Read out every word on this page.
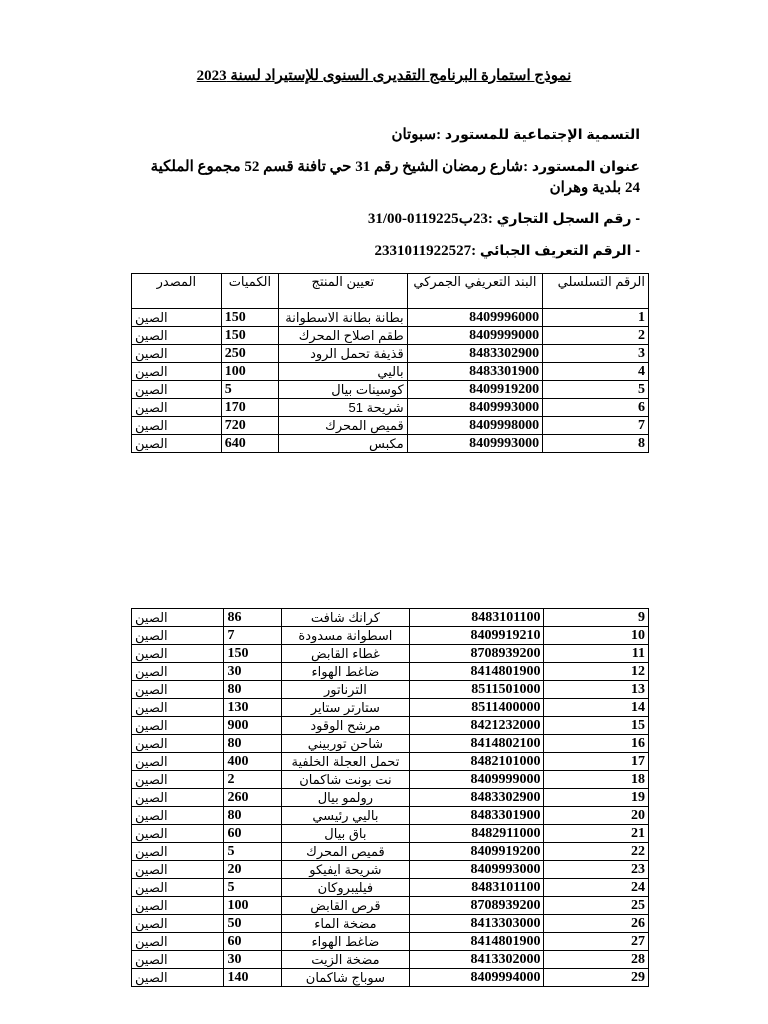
نموذج استمارة البرنامج التقديرى السنوى للإستيراد لسنة 2023
التسمية الإجتماعية للمستورد :سبوتان
عنوان المستورد :شارع رمضان الشيخ رقم 31 حي تافنة قسم 52 مجموع الملكية 24 بلدية وهران
- رقم السجل التجاري :23ب0119225-31/00
- الرقم التعريف الجبائي :2331011922527
الرقم التسلسلي	البند التعريفي الجمركي	تعيين المنتج	الكميات	المصدر
1	8409996000	بطانة بطانة الاسطوانة	150	الصين
2	8409999000	طقم اصلاح المحرك	150	الصين
3	8483302900	قذيفة تحمل الرود	250	الصين
4	8483301900	باليي	100	الصين
5	8409919200	كوسينات بيال	5	الصين
6	8409993000	شريحة 51	170	الصين
7	8409998000	قميص المحرك	720	الصين
8	8409993000	مكبس	640	الصين
9	8483101100	كرانك شافت	86	الصين
10	8409919210	اسطوانة مسدودة	7	الصين
11	8708939200	غطاء القابض	150	الصين
12	8414801900	ضاغط الهواء	30	الصين
13	8511501000	الترناتور	80	الصين
14	8511400000	ستارتر ستاير	130	الصين
15	8421232000	مرشح الوقود	900	الصين
16	8414802100	شاحن توربيني	80	الصين
17	8482101000	تحمل العجلة الخلفية	400	الصين
18	8409999000	نت بونت شاكمان	2	الصين
19	8483302900	رولمو بيال	260	الصين
20	8483301900	باليي رئيسي	80	الصين
21	8482911000	باق بيال	60	الصين
22	8409919200	قميص المحرك	5	الصين
23	8409993000	شريحة ايفيكو	20	الصين
24	8483101100	فيليبروكان	5	الصين
25	8708939200	قرص القابض	100	الصين
26	8413303000	مضخة الماء	50	الصين
27	8414801900	ضاغط الهواء	60	الصين
28	8413302000	مضخة الزيت	30	الصين
29	8409994000	سوباج شاكمان	140	الصين
